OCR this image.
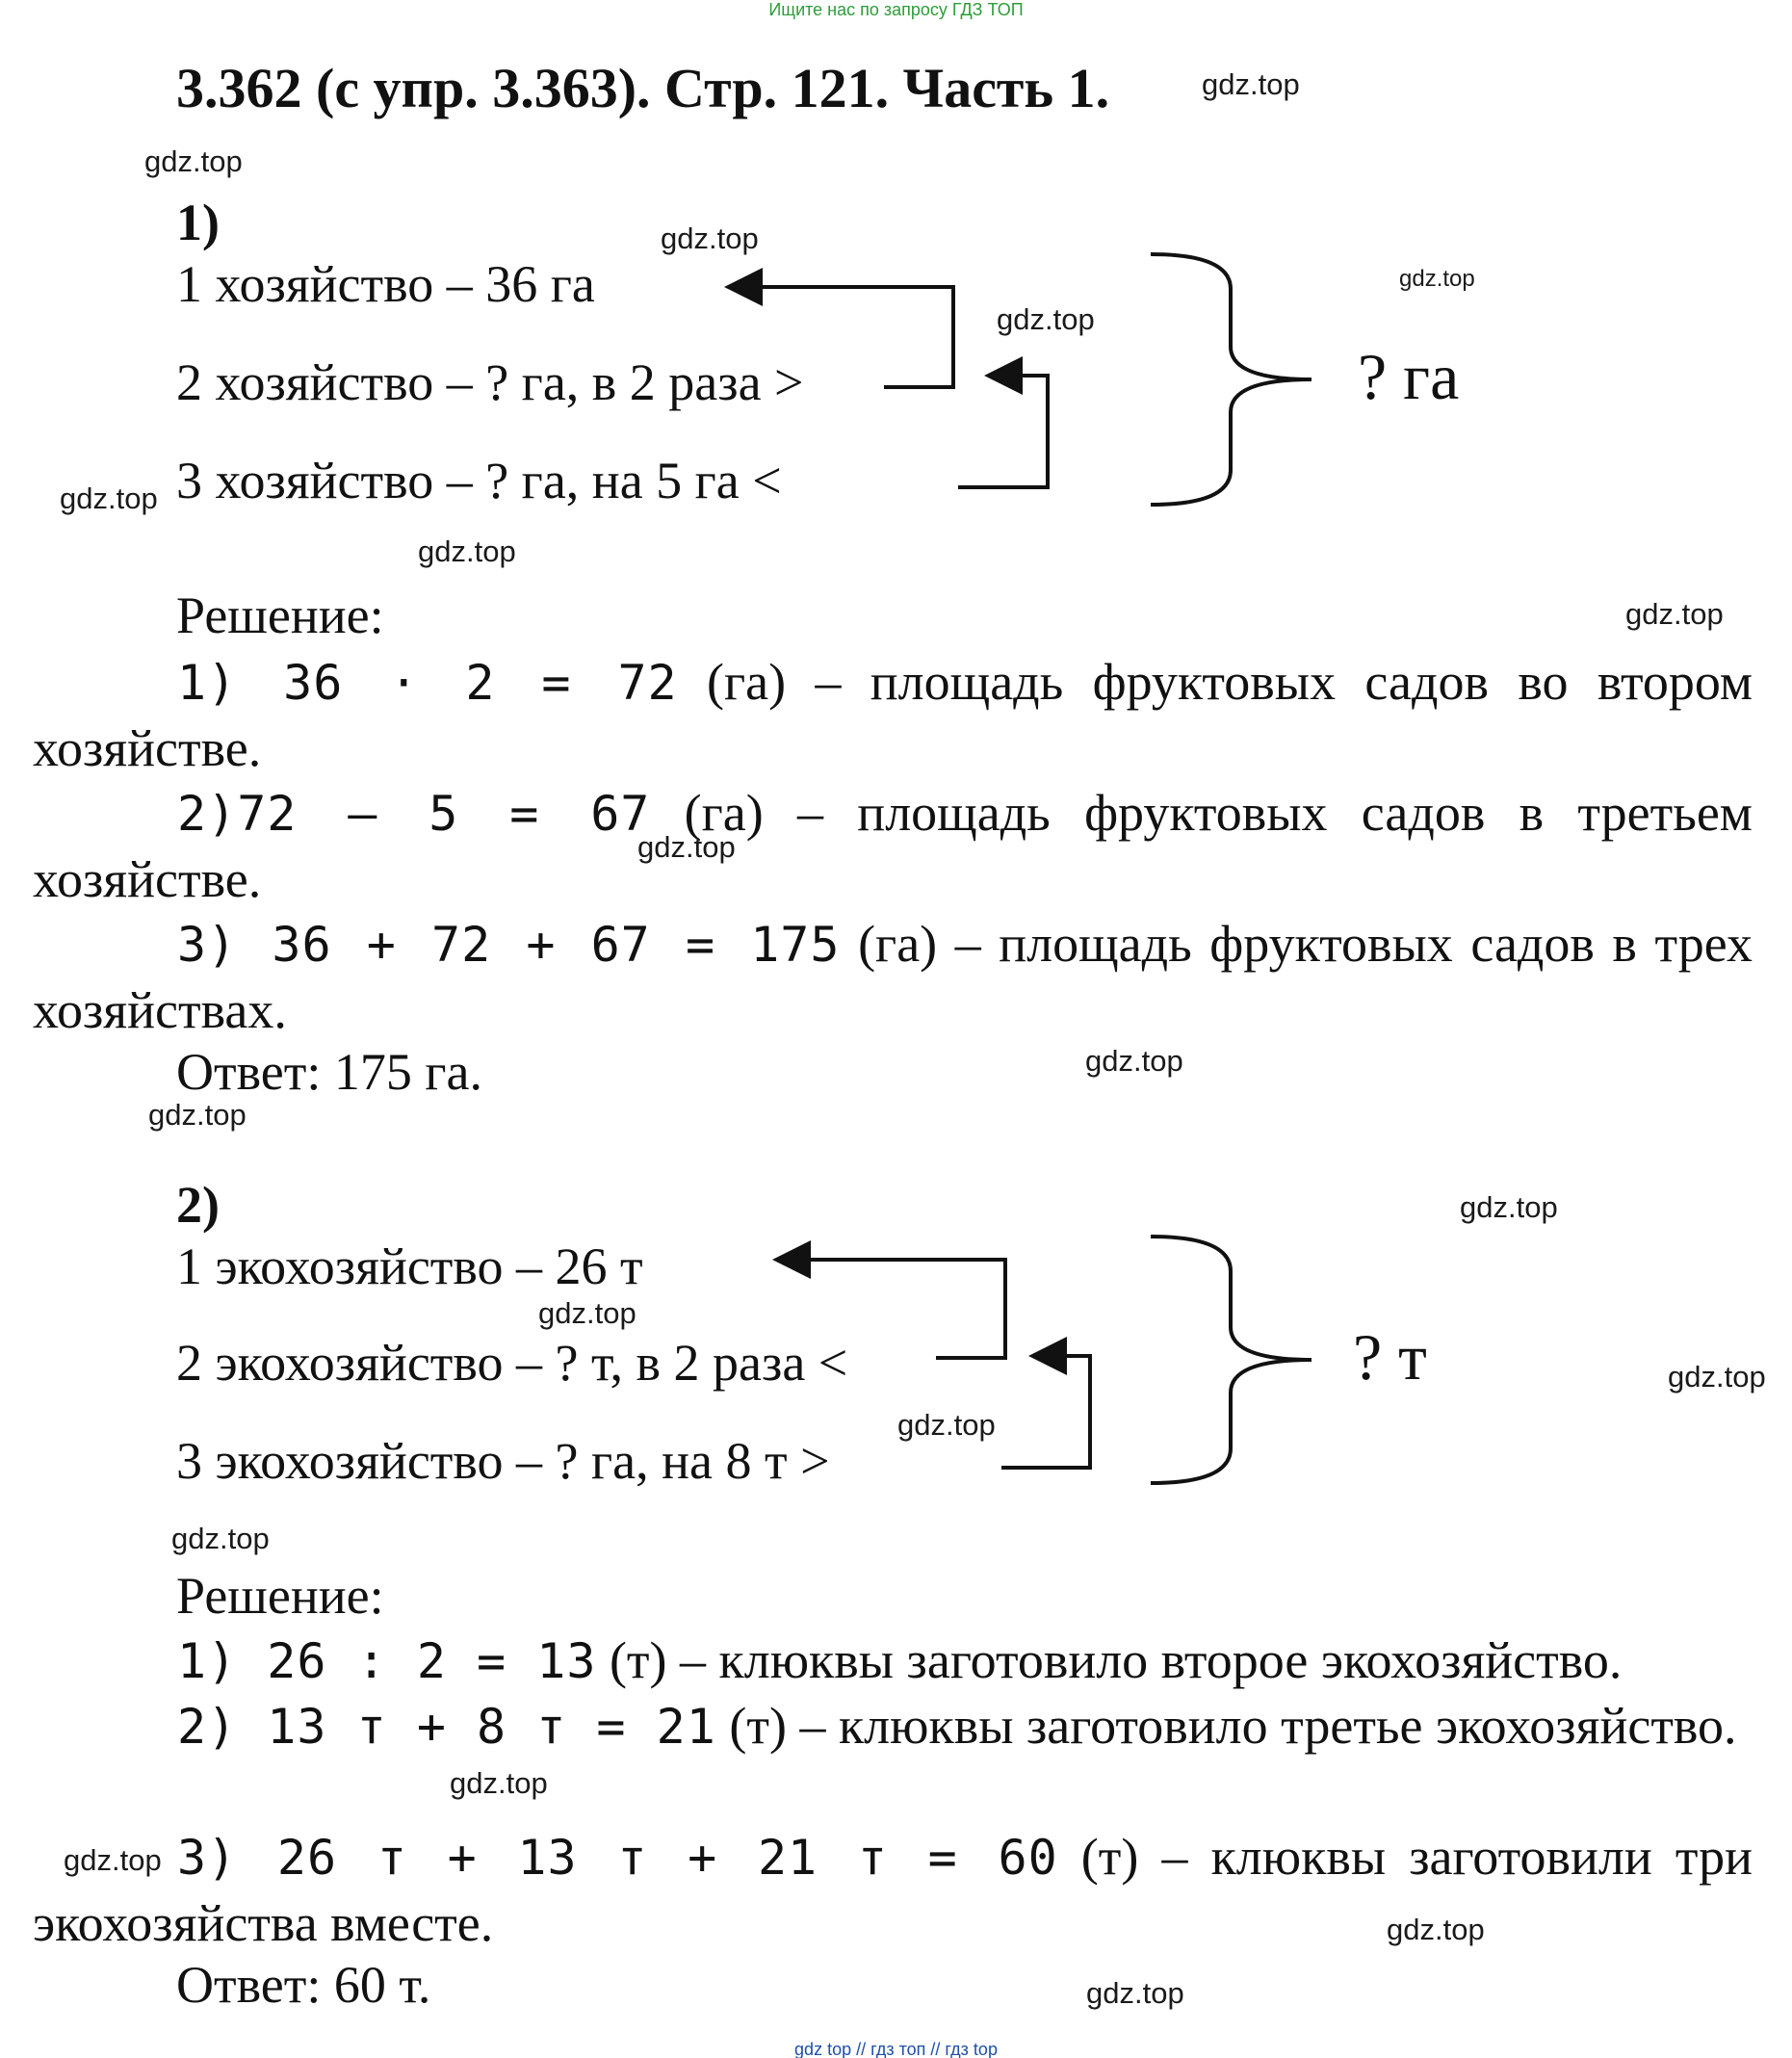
Ищите нас по запросу ГДЗ ТОП
gdz top // гдз топ // гдз top
3.362 (с упр. 3.363). Стр. 121. Часть 1.
1)
1 хозяйство – 36 га
2 хозяйство – ? га, в 2 раза >
3 хозяйство – ? га, на 5 га <
? га
Решение:
1) 36 · 2 = 72 (га) – площадь фруктовых садов во втором хозяйстве.
2)72 – 5 = 67 (га) – площадь фруктовых садов в третьем хозяйстве.
3) 36 + 72 + 67 = 175 (га) – площадь фруктовых садов в трех хозяйствах.
Ответ: 175 га.
2)
1 экохозяйство – 26 т
2 экохозяйство – ? т, в 2 раза <
3 экохозяйство – ? га, на 8 т >
? т
Решение:
1) 26 : 2 = 13 (т) – клюквы заготовило второе экохозяйство.
2) 13 т + 8 т = 21 (т) – клюквы заготовило третье экохозяйство.
3) 26 т + 13 т + 21 т = 60 (т) – клюквы заготовили три экохозяйства вместе.
Ответ: 60 т.
gdz.top
gdz.top
gdz.top
gdz.top
gdz.top
gdz.top
gdz.top
gdz.top
gdz.top
gdz.top
gdz.top
gdz.top
gdz.top
gdz.top
gdz.top
gdz.top
gdz.top
gdz.top
gdz.top
gdz.top
